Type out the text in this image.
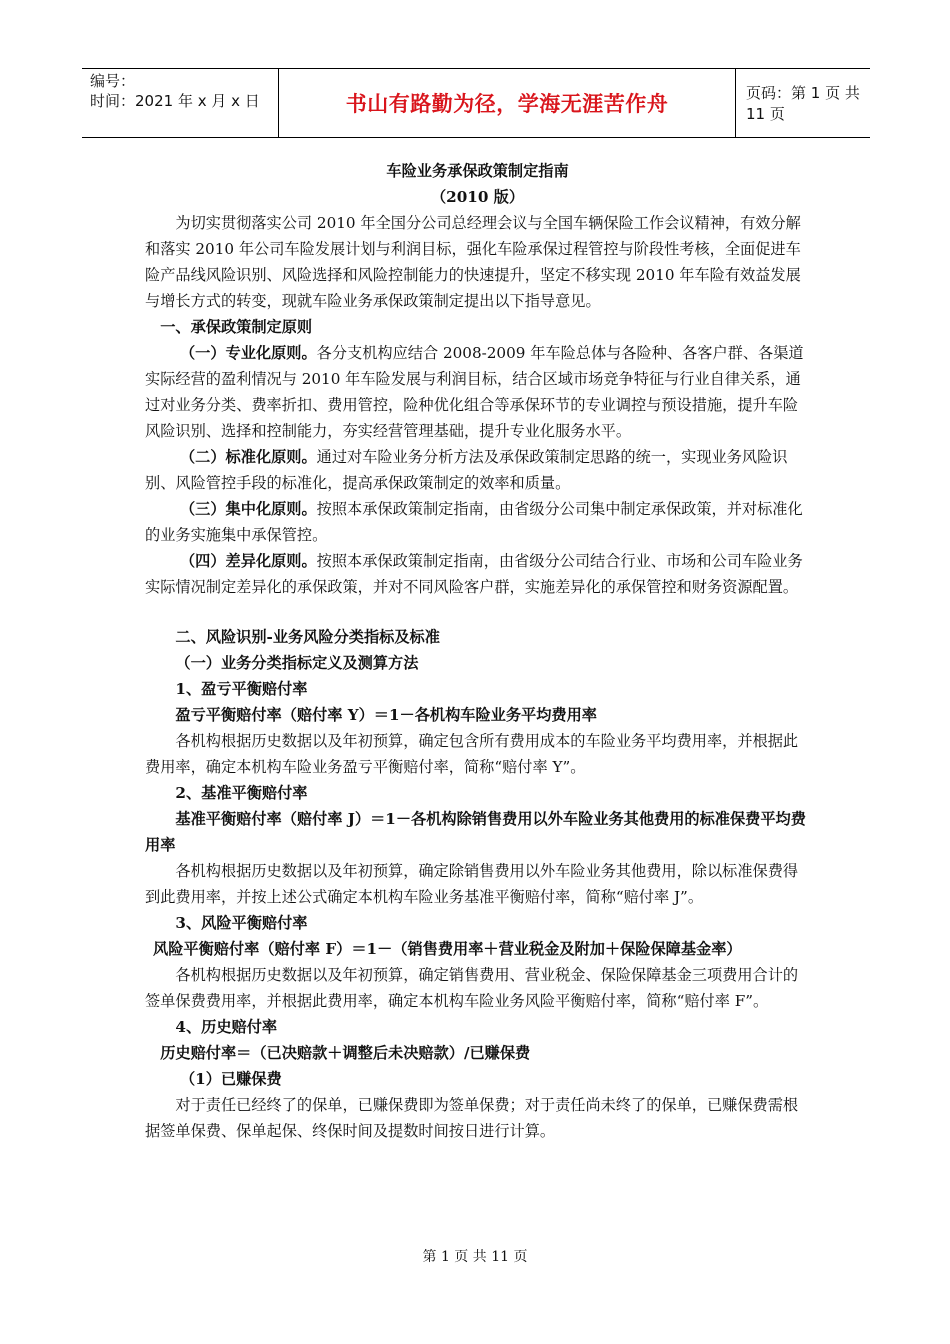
编号：
时间：2021 年 x 月 x 日	书山有路勤为径，学海无涯苦作舟	页码：第 1 页 共 11 页

车险业务承保政策制定指南

（2010 版）

为切实贯彻落实公司 2010 年全国分公司总经理会议与全国车辆保险工作会议精神，有效分解和落实 2010 年公司车险发展计划与利润目标，强化车险承保过程管控与阶段性考核，全面促进车险产品线风险识别、风险选择和风险控制能力的快速提升，坚定不移实现 2010 年车险有效益发展与增长方式的转变，现就车险业务承保政策制定提出以下指导意见。

一、承保政策制定原则

（一）专业化原则。各分支机构应结合 2008-2009 年车险总体与各险种、各客户群、各渠道实际经营的盈利情况与 2010 年车险发展与利润目标，结合区域市场竞争特征与行业自律关系，通过对业务分类、费率折扣、费用管控，险种优化组合等承保环节的专业调控与预设措施，提升车险风险识别、选择和控制能力，夯实经营管理基础，提升专业化服务水平。

（二）标准化原则。通过对车险业务分析方法及承保政策制定思路的统一，实现业务风险识别、风险管控手段的标准化，提高承保政策制定的效率和质量。

（三）集中化原则。按照本承保政策制定指南，由省级分公司集中制定承保政策，并对标准化的业务实施集中承保管控。

（四）差异化原则。按照本承保政策制定指南，由省级分公司结合行业、市场和公司车险业务实际情况制定差异化的承保政策，并对不同风险客户群，实施差异化的承保管控和财务资源配置。

二、风险识别-业务风险分类指标及标准

（一）业务分类指标定义及测算方法

1、盈亏平衡赔付率

盈亏平衡赔付率（赔付率 Y）＝1－各机构车险业务平均费用率

各机构根据历史数据以及年初预算，确定包含所有费用成本的车险业务平均费用率，并根据此费用率，确定本机构车险业务盈亏平衡赔付率，简称“赔付率 Y”。

2、基准平衡赔付率

基准平衡赔付率（赔付率 J）＝1－各机构除销售费用以外车险业务其他费用的标准保费平均费用率

各机构根据历史数据以及年初预算，确定除销售费用以外车险业务其他费用，除以标准保费得到此费用率，并按上述公式确定本机构车险业务基准平衡赔付率，简称“赔付率 J”。

3、风险平衡赔付率

风险平衡赔付率（赔付率 F）＝1－（销售费用率＋营业税金及附加＋保险保障基金率）

各机构根据历史数据以及年初预算，确定销售费用、营业税金、保险保障基金三项费用合计的签单保费费用率，并根据此费用率，确定本机构车险业务风险平衡赔付率，简称“赔付率 F”。

4、历史赔付率

历史赔付率＝（已决赔款＋调整后未决赔款）/已赚保费

（1）已赚保费

对于责任已经终了的保单，已赚保费即为签单保费；对于责任尚未终了的保单，已赚保费需根据签单保费、保单起保、终保时间及提数时间按日进行计算。

第 1 页 共 11 页
